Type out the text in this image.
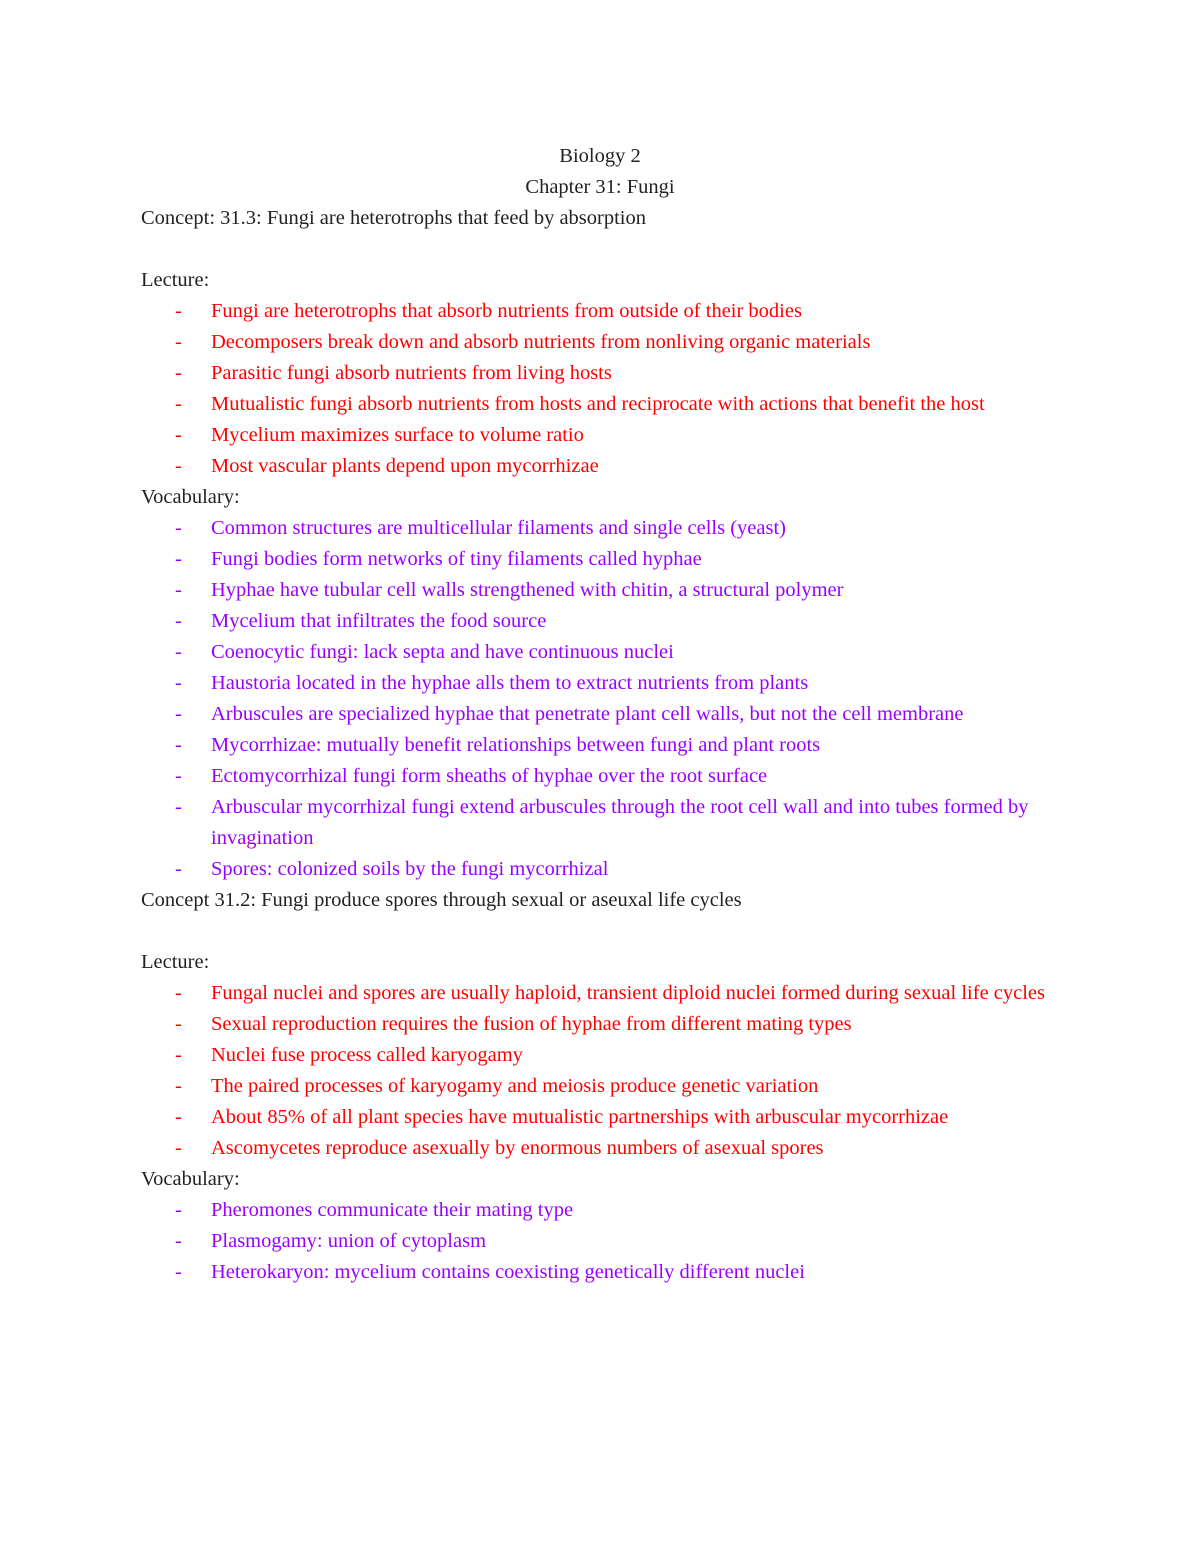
Biology 2
Chapter 31: Fungi
Concept: 31.3: Fungi are heterotrophs that feed by absorption
Lecture:
- Fungi are heterotrophs that absorb nutrients from outside of their bodies
- Decomposers break down and absorb nutrients from nonliving organic materials
- Parasitic fungi absorb nutrients from living hosts
- Mutualistic fungi absorb nutrients from hosts and reciprocate with actions that benefit the host
- Mycelium maximizes surface to volume ratio
- Most vascular plants depend upon mycorrhizae
Vocabulary:
- Common structures are multicellular filaments and single cells (yeast)
- Fungi bodies form networks of tiny filaments called hyphae
- Hyphae have tubular cell walls strengthened with chitin, a structural polymer
- Mycelium that infiltrates the food source
- Coenocytic fungi: lack septa and have continuous nuclei
- Haustoria located in the hyphae alls them to extract nutrients from plants
- Arbuscules are specialized hyphae that penetrate plant cell walls, but not the cell membrane
- Mycorrhizae: mutually benefit relationships between fungi and plant roots
- Ectomycorrhizal fungi form sheaths of hyphae over the root surface
- Arbuscular mycorrhizal fungi extend arbuscules through the root cell wall and into tubes formed by invagination
- Spores: colonized soils by the fungi mycorrhizal
Concept 31.2: Fungi produce spores through sexual or aseuxal life cycles
Lecture:
- Fungal nuclei and spores are usually haploid, transient diploid nuclei formed during sexual life cycles
- Sexual reproduction requires the fusion of hyphae from different mating types
- Nuclei fuse process called karyogamy
- The paired processes of karyogamy and meiosis produce genetic variation
- About 85% of all plant species have mutualistic partnerships with arbuscular mycorrhizae
- Ascomycetes reproduce asexually by enormous numbers of asexual spores
Vocabulary:
- Pheromones communicate their mating type
- Plasmogamy: union of cytoplasm
- Heterokaryon: mycelium contains coexisting genetically different nuclei
